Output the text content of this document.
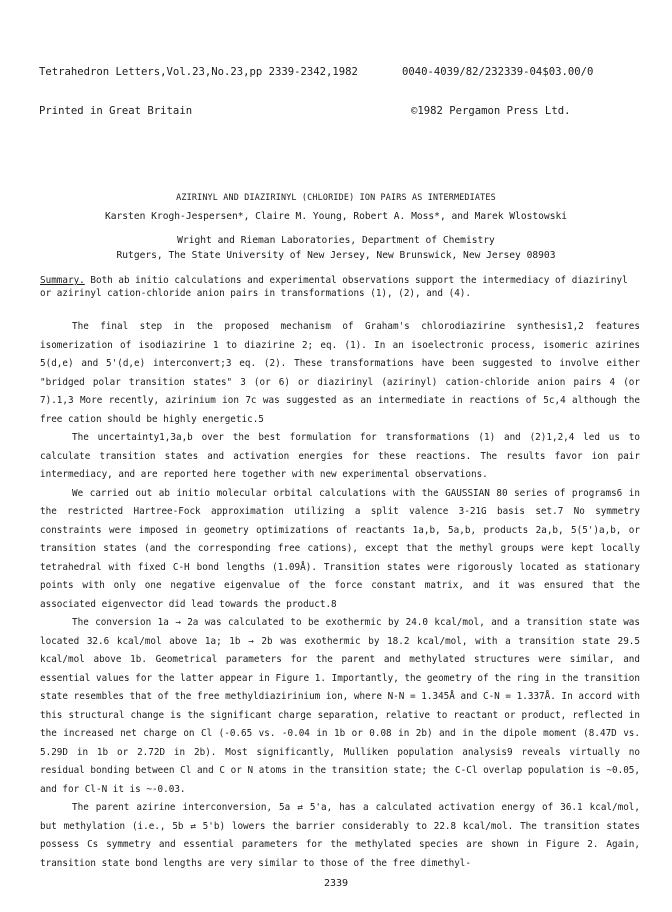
Tetrahedron Letters,Vol.23,No.23,pp 2339-2342,1982

Printed in Great Britain

0040-4039/82/232339-04$03.00/0

©1982 Pergamon Press Ltd.

AZIRINYL AND DIAZIRINYL (CHLORIDE) ION PAIRS AS INTERMEDIATES
Karsten Krogh-Jespersen*, Claire M. Young, Robert A. Moss*, and Marek Wlostowski
Wright and Rieman Laboratories, Department of Chemistry
Rutgers, The State University of New Jersey, New Brunswick, New Jersey 08903
Summary. Both ab initio calculations and experimental observations support the intermediacy of diazirinyl or azirinyl cation-chloride anion pairs in transformations (1), (2), and (4).

The final step in the proposed mechanism of Graham's chlorodiazirine synthesis1,2 features isomerization of isodiazirine 1 to diazirine 2; eq. (1). In an isoelectronic process, isomeric azirines 5(d,e) and 5'(d,e) interconvert;3 eq. (2). These transformations have been suggested to involve either "bridged polar transition states" 3 (or 6) or diazirinyl (azirinyl) cation-chloride anion pairs 4 (or 7).1,3 More recently, azirinium ion 7c was suggested as an intermediate in reactions of 5c,4 although the free cation should be highly energetic.5

The uncertainty1,3a,b over the best formulation for transformations (1) and (2)1,2,4 led us to calculate transition states and activation energies for these reactions. The results favor ion pair intermediacy, and are reported here together with new experimental observations.

We carried out ab initio molecular orbital calculations with the GAUSSIAN 80 series of programs6 in the restricted Hartree-Fock approximation utilizing a split valence 3-21G basis set.7 No symmetry constraints were imposed in geometry optimizations of reactants 1a,b, 5a,b, products 2a,b, 5(5')a,b, or transition states (and the corresponding free cations), except that the methyl groups were kept locally tetrahedral with fixed C-H bond lengths (1.09Å). Transition states were rigorously located as stationary points with only one negative eigenvalue of the force constant matrix, and it was ensured that the associated eigenvector did lead towards the product.8

The conversion 1a → 2a was calculated to be exothermic by 24.0 kcal/mol, and a transition state was located 32.6 kcal/mol above 1a; 1b → 2b was exothermic by 18.2 kcal/mol, with a transition state 29.5 kcal/mol above 1b. Geometrical parameters for the parent and methylated structures were similar, and essential values for the latter appear in Figure 1. Importantly, the geometry of the ring in the transition state resembles that of the free methyldiazirinium ion, where N-N = 1.345Å and C-N = 1.337Å. In accord with this structural change is the significant charge separation, relative to reactant or product, reflected in the increased net charge on Cl (-0.65 vs. -0.04 in 1b or 0.08 in 2b) and in the dipole moment (8.47D vs. 5.29D in 1b or 2.72D in 2b). Most significantly, Mulliken population analysis9 reveals virtually no residual bonding between Cl and C or N atoms in the transition state; the C-Cl overlap population is ~0.05, and for Cl-N it is ~-0.03.

The parent azirine interconversion, 5a ⇄ 5'a, has a calculated activation energy of 36.1 kcal/mol, but methylation (i.e., 5b ⇄ 5'b) lowers the barrier considerably to 22.8 kcal/mol. The transition states possess Cs symmetry and essential parameters for the methylated species are shown in Figure 2. Again, transition state bond lengths are very similar to those of the free dimethyl-

2339
